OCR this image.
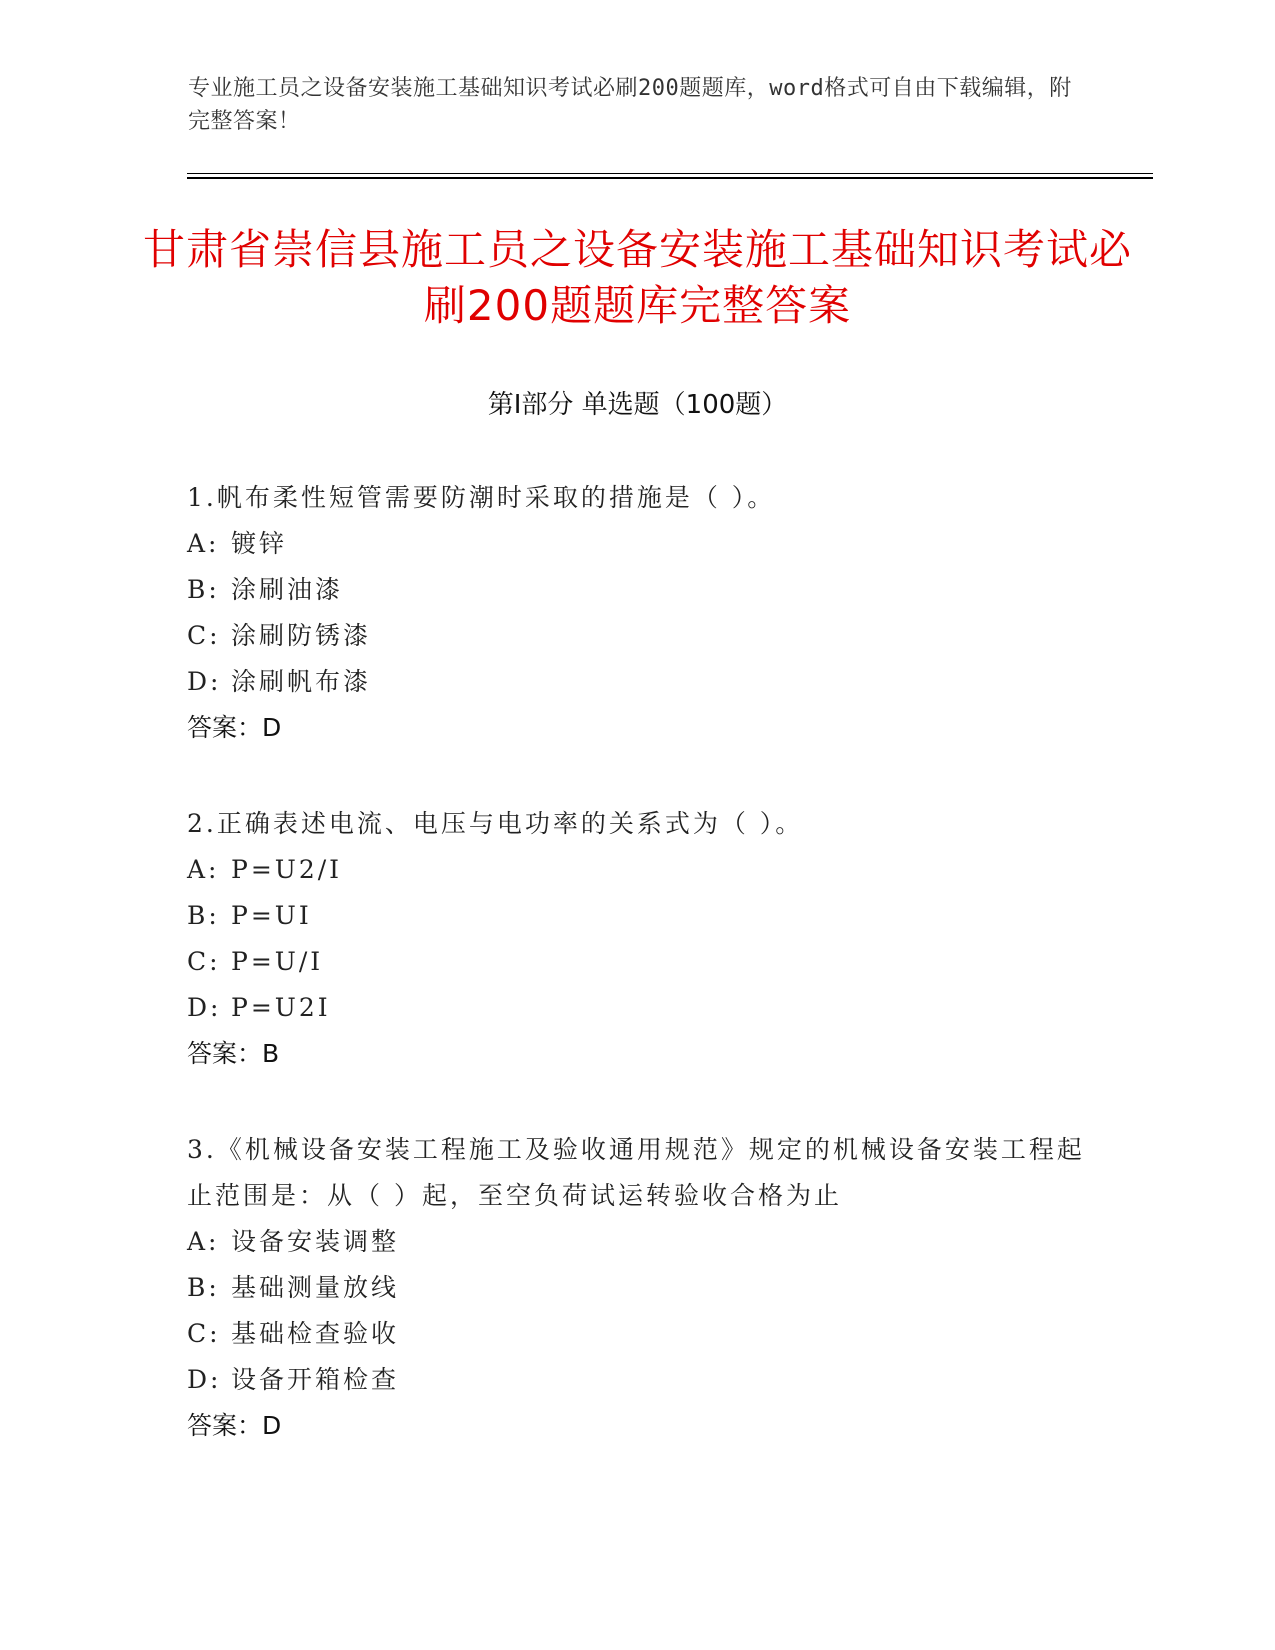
专业施工员之设备安装施工基础知识考试必刷200题题库，word格式可自由下载编辑，附完整答案！
甘肃省崇信县施工员之设备安装施工基础知识考试必刷200题题库完整答案
第Ⅰ部分 单选题（100题）

1.帆布柔性短管需要防潮时采取的措施是（ ）。

A: 镀锌
B: 涂刷油漆
C: 涂刷防锈漆
D: 涂刷帆布漆

答案：D

2.正确表述电流、电压与电功率的关系式为（ ）。

A: P=U2/I
B: P=UI
C: P=U/I
D: P=U2I

答案：B

3.《机械设备安装工程施工及验收通用规范》规定的机械设备安装工程起止范围是：从（ ）起，至空负荷试运转验收合格为止

A: 设备安装调整
B: 基础测量放线
C: 基础检查验收
D: 设备开箱检查

答案：D
